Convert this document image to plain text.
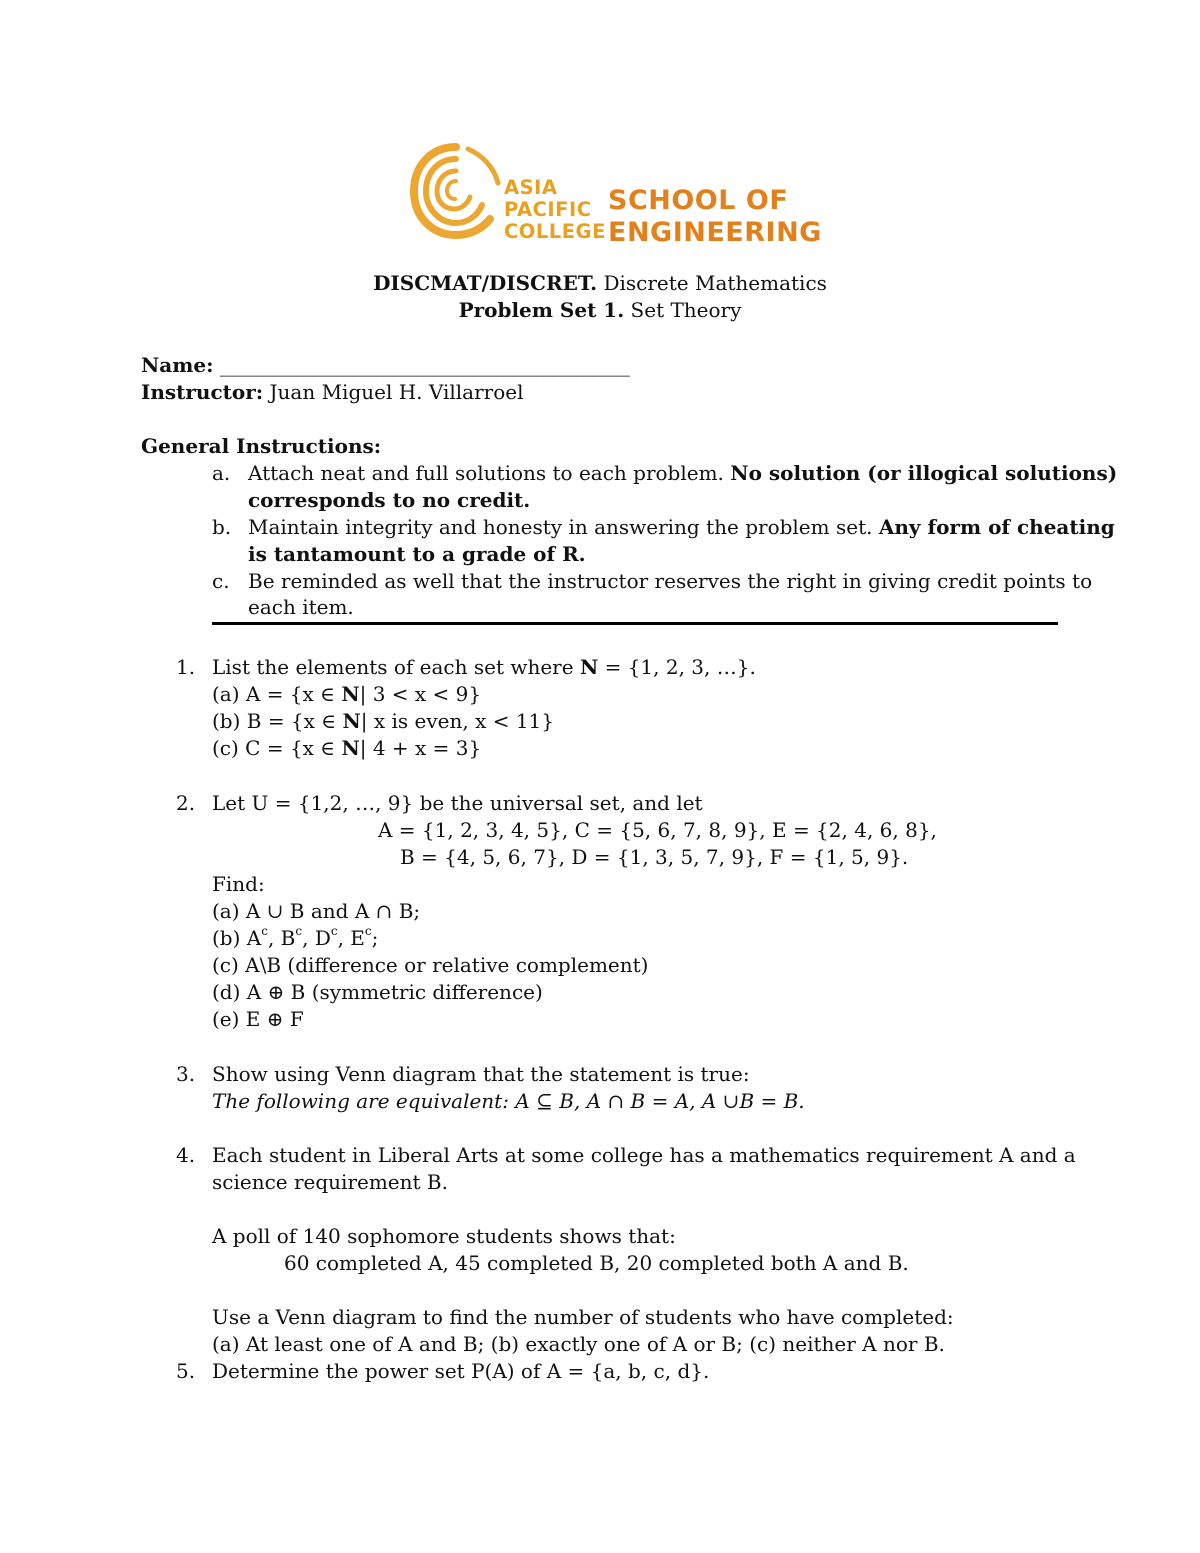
ASIA
PACIFIC
COLLEGE
SCHOOL OF
ENGINEERING
DISCMAT/DISCRET. Discrete Mathematics
Problem Set 1. Set Theory
Name: _________________________________________
Instructor: Juan Miguel H. Villarroel
General Instructions:
a. Attach neat and full solutions to each problem. No solution (or illogical solutions)
corresponds to no credit.
b. Maintain integrity and honesty in answering the problem set. Any form of cheating
is tantamount to a grade of R.
c. Be reminded as well that the instructor reserves the right in giving credit points to
each item.
1. List the elements of each set where N = {1, 2, 3, …}.
(a) A = {x ∈ N| 3 < x < 9}
(b) B = {x ∈ N| x is even, x < 11}
(c) C = {x ∈ N| 4 + x = 3}
2. Let U = {1,2, …, 9} be the universal set, and let
A = {1, 2, 3, 4, 5}, C = {5, 6, 7, 8, 9}, E = {2, 4, 6, 8},
B = {4, 5, 6, 7}, D = {1, 3, 5, 7, 9}, F = {1, 5, 9}.
Find:
(a) A ∪ B and A ∩ B;
(b) $A^c$, $B^c$, $D^c$, $E^c$;
(c) A\B (difference or relative complement)
(d) A ⊕ B (symmetric difference)
(e) E ⊕ F
3. Show using Venn diagram that the statement is true:
The following are equivalent: A ⊆ B, A ∩ B = A, A ∪B = B.
4. Each student in Liberal Arts at some college has a mathematics requirement A and a
science requirement B.
A poll of 140 sophomore students shows that:
60 completed A, 45 completed B, 20 completed both A and B.
Use a Venn diagram to find the number of students who have completed:
(a) At least one of A and B; (b) exactly one of A or B; (c) neither A nor B.
5. Determine the power set P(A) of A = {a, b, c, d}.
